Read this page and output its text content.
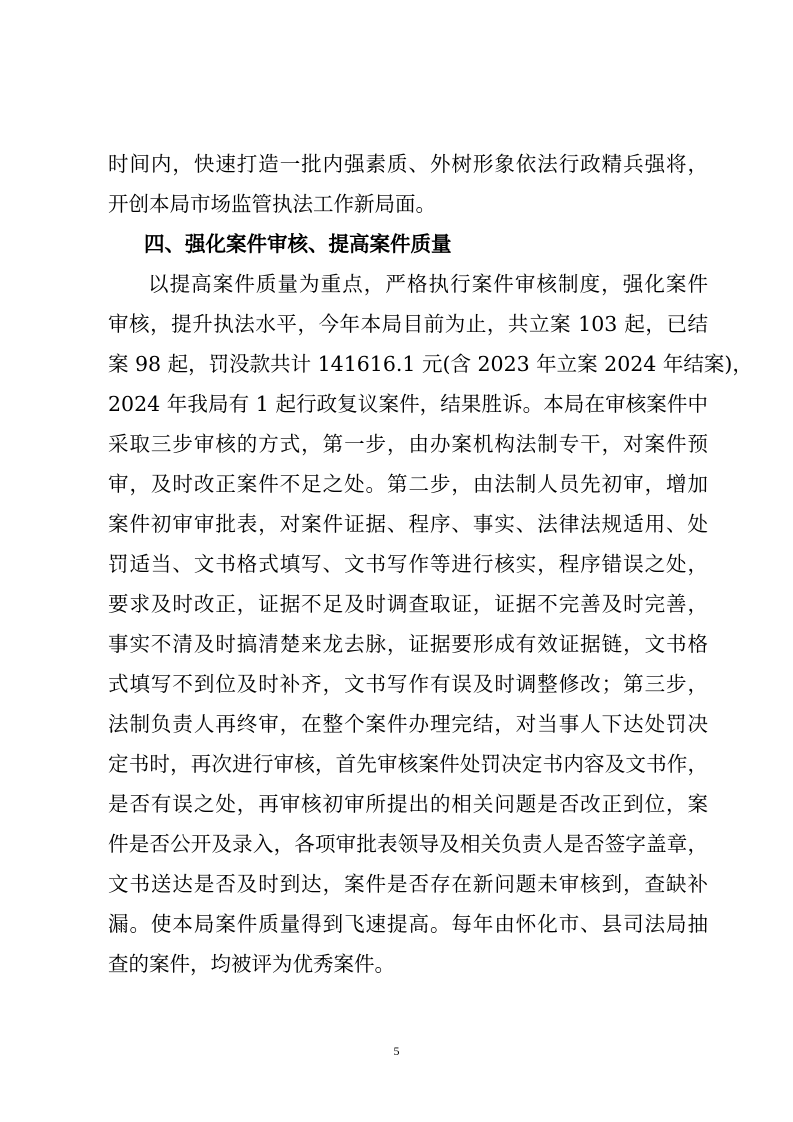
时间内，快速打造一批内强素质、外树形象依法行政精兵强将，
开创本局市场监管执法工作新局面。
四、强化案件审核、提高案件质量
以提高案件质量为重点，严格执行案件审核制度，强化案件
审核，提升执法水平，今年本局目前为止，共立案 103 起，已结
案 98 起，罚没款共计 141616.1 元(含 2023 年立案 2024 年结案)，
2024 年我局有 1 起行政复议案件，结果胜诉。本局在审核案件中
采取三步审核的方式，第一步，由办案机构法制专干，对案件预
审，及时改正案件不足之处。第二步，由法制人员先初审，增加
案件初审审批表，对案件证据、程序、事实、法律法规适用、处
罚适当、文书格式填写、文书写作等进行核实，程序错误之处，
要求及时改正，证据不足及时调查取证，证据不完善及时完善，
事实不清及时搞清楚来龙去脉，证据要形成有效证据链，文书格
式填写不到位及时补齐，文书写作有误及时调整修改；第三步，
法制负责人再终审，在整个案件办理完结，对当事人下达处罚决
定书时，再次进行审核，首先审核案件处罚决定书内容及文书作，
是否有误之处，再审核初审所提出的相关问题是否改正到位，案
件是否公开及录入，各项审批表领导及相关负责人是否签字盖章，
文书送达是否及时到达，案件是否存在新问题未审核到，查缺补
漏。使本局案件质量得到飞速提高。每年由怀化市、县司法局抽
查的案件，均被评为优秀案件。
5
